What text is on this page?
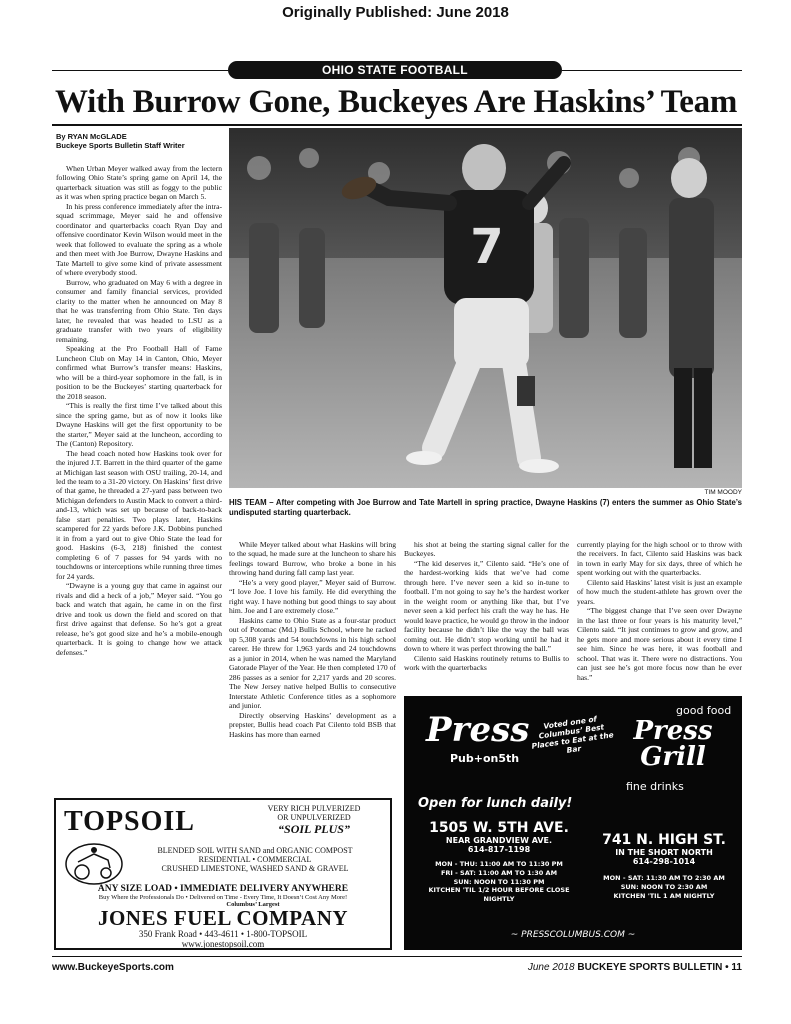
Originally Published: June 2018
OHIO STATE FOOTBALL
With Burrow Gone, Buckeyes Are Haskins’ Team
By RYAN McGLADE
Buckeye Sports Bulletin Staff Writer

When Urban Meyer walked away from the lectern following Ohio State’s spring game on April 14, the quarterback situation was still as foggy to the public as it was when spring practice began on March 5.

In his press conference immediately after the intra-squad scrimmage, Meyer said he and offensive coordinator and quarterbacks coach Ryan Day and offensive coordinator Kevin Wilson would meet in the week that followed to evaluate the spring as a whole and then meet with Joe Burrow, Dwayne Haskins and Tate Martell to give some kind of private assessment of where everybody stood.

Burrow, who graduated on May 6 with a degree in consumer and family financial services, provided clarity to the matter when he announced on May 8 that he was transferring from Ohio State. Ten days later, he revealed that was headed to LSU as a graduate transfer with two years of eligibility remaining.

Speaking at the Pro Football Hall of Fame Luncheon Club on May 14 in Canton, Ohio, Meyer confirmed what Burrow’s transfer means: Haskins, who will be a third-year sophomore in the fall, is in position to be the Buckeyes’ starting quarterback for the 2018 season.

“This is really the first time I’ve talked about this since the spring game, but as of now it looks like Dwayne Haskins will get the first opportunity to be the starter,” Meyer said at the luncheon, according to The (Canton) Repository.

The head coach noted how Haskins took over for the injured J.T. Barrett in the third quarter of the game at Michigan last season with OSU trailing, 20-14, and led the team to a 31-20 victory. On Haskins’ first drive of that game, he threaded a 27-yard pass between two Michigan defenders to Austin Mack to convert a third-and-13, which was set up because of back-to-back false start penalties. Two plays later, Haskins scampered for 22 yards before J.K. Dobbins punched it in from a yard out to give Ohio State the lead for good. Haskins (6-3, 218) finished the contest completing 6 of 7 passes for 94 yards with no touchdowns or interceptions while running three times for 24 yards.

“Dwayne is a young guy that came in against our rivals and did a heck of a job,” Meyer said. “You go back and watch that again, he came in on the first drive and took us down the field and scored on that first drive against that defense. So he’s got a great release, he’s got good size and he’s a mobile-enough quarterback. It is going to change how we attack defenses.”

7
TIM MOODY
HIS TEAM – After competing with Joe Burrow and Tate Martell in spring practice, Dwayne Haskins (7) enters the summer as Ohio State’s undisputed starting quarterback.

While Meyer talked about what Haskins will bring to the squad, he made sure at the luncheon to share his feelings toward Burrow, who broke a bone in his throwing hand during fall camp last year.

“He’s a very good player,” Meyer said of Burrow. “I love Joe. I love his family. He did everything the right way. I have nothing but good things to say about him. Joe and I are extremely close.”

Haskins came to Ohio State as a four-star product out of Potomac (Md.) Bullis School, where he racked up 5,308 yards and 54 touchdowns in his high school career. He threw for 1,963 yards and 24 touchdowns as a junior in 2014, when he was named the Maryland Gatorade Player of the Year. He then completed 170 of 286 passes as a senior for 2,217 yards and 20 scores. The New Jersey native helped Bullis to consecutive Interstate Athletic Conference titles as a sophomore and junior.

Directly observing Haskins’ development as a prepster, Bullis head coach Pat Cilento told BSB that Haskins has more than earned

his shot at being the starting signal caller for the Buckeyes.

“The kid deserves it,” Cilento said. “He’s one of the hardest-working kids that we’ve had come through here. I’ve never seen a kid so in-tune to football. I’m not going to say he’s the hardest worker in the weight room or anything like that, but I’ve never seen a kid perfect his craft the way he has. He would leave practice, he would go throw in the indoor facility because he didn’t like the way the ball was coming out. He didn’t stop working until he had it down to where it was perfect throwing the ball.”

Cilento said Haskins routinely returns to Bullis to work with the quarterbacks

currently playing for the high school or to throw with the receivers. In fact, Cilento said Haskins was back in town in early May for six days, three of which he spent working out with the quarterbacks.

Cilento said Haskins’ latest visit is just an example of how much the student-athlete has grown over the years.

“The biggest change that I’ve seen over Dwayne in the last three or four years is his maturity level,” Cilento said. “It just continues to grow and grow, and he gets more and more serious about it every time I see him. Since he was here, it was football and school. That was it. There were no distractions. You can just see he’s got more focus now than he ever has.”

TOPSOIL	VERY RICH PULVERIZED
OR UNPULVERIZED
“SOIL PLUS”
BLENDED SOIL WITH SAND and ORGANIC COMPOST
RESIDENTIAL • COMMERCIAL
CRUSHED LIMESTONE, WASHED SAND & GRAVEL
ANY SIZE LOAD • IMMEDIATE DELIVERY ANYWHERE
Buy Where the Professionals Do • Delivered on Time - Every Time, It Doesn’t Cost Any More!
Columbus’ Largest
JONES FUEL COMPANY
350 Frank Road • 443-4611 • 1-800-TOPSOIL
www.jonestopsoil.com
Press
Pub+on5th
Voted one of Columbus’ Best Places to Eat at the Bar
Press Grill
good food
fine drinks
Open for lunch daily!
1505 W. 5TH AVE.
NEAR GRANDVIEW AVE.
614-817-1198
MON - THU: 11:00 AM TO 11:30 PM
FRI - SAT: 11:00 AM TO 1:30 AM
SUN: NOON TO 11:30 PM
KITCHEN 'TIL 1/2 HOUR BEFORE CLOSE NIGHTLY
741 N. HIGH ST.
IN THE SHORT NORTH
614-298-1014
MON - SAT: 11:30 AM TO 2:30 AM
SUN: NOON TO 2:30 AM
KITCHEN 'TIL 1 AM NIGHTLY
~ PRESSCOLUMBUS.COM ~
www.BuckeyeSports.com	June 2018 BUCKEYE SPORTS BULLETIN • 11
